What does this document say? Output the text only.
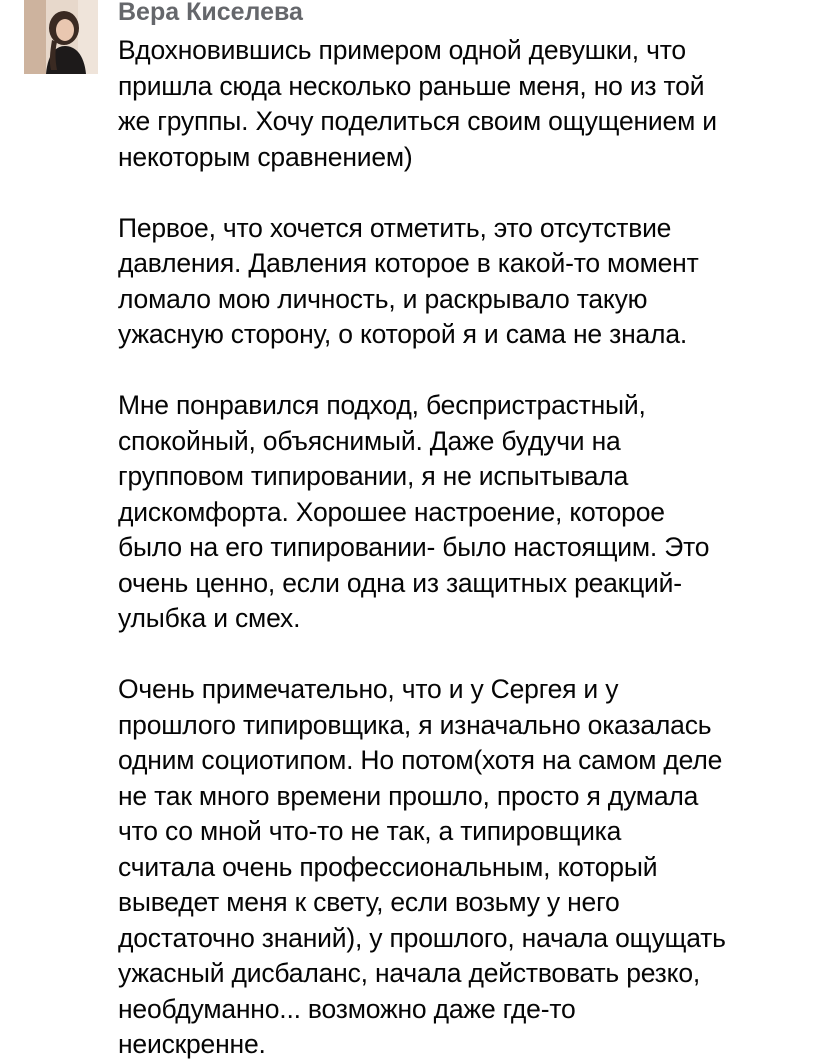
Вера Киселева

Вдохновившись примером одной девушки, что
пришла сюда несколько раньше меня, но из той
же группы. Хочу поделиться своим ощущением и
некоторым сравнением)

Первое, что хочется отметить, это отсутствие
давления. Давления которое в какой-то момент
ломало мою личность, и раскрывало такую
ужасную сторону, о которой я и сама не знала.

Мне понравился подход, беспристрастный,
спокойный, объяснимый. Даже будучи на
групповом типировании, я не испытывала
дискомфорта. Хорошее настроение, которое
было на его типировании- было настоящим. Это
очень ценно, если одна из защитных реакций-
улыбка и смех.

Очень примечательно, что и у Сергея и у
прошлого типировщика, я изначально оказалась
одним социотипом. Но потом(хотя на самом деле
не так много времени прошло, просто я думала
что со мной что-то не так, а типировщика
считала очень профессиональным, который
выведет меня к свету, если возьму у него
достаточно знаний), у прошлого, начала ощущать
ужасный дисбаланс, начала действовать резко,
необдуманно... возможно даже где-то
неискренне.
